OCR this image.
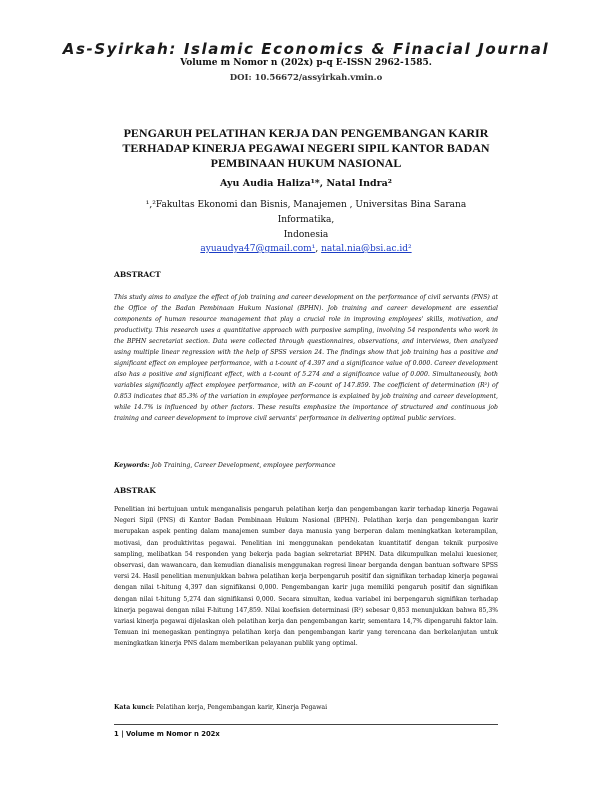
As-Syirkah: Islamic Economics & Finacial Journal
Volume m Nomor n (202x) p-q E-ISSN 2962-1585.
DOI: 10.56672/assyirkah.vmin.o
PENGARUH PELATIHAN KERJA DAN PENGEMBANGAN KARIR
TERHADAP KINERJA PEGAWAI NEGERI SIPIL KANTOR BADAN
PEMBINAAN HUKUM NASIONAL
Ayu Audia Haliza¹*, Natal Indra²
¹,²Fakultas Ekonomi dan Bisnis, Manajemen , Universitas Bina Sarana Informatika,
Indonesia
ayuaudya47@gmail.com¹, natal.nia@bsi.ac.id²
ABSTRACT
This study aims to analyze the effect of job training and career development on the performance of civil servants (PNS) at the Office of the Badan Pembinaan Hukum Nasional (BPHN). Job training and career development are essential components of human resource management that play a crucial role in improving employees' skills, motivation, and productivity. This research uses a quantitative approach with purposive sampling, involving 54 respondents who work in the BPHN secretariat section. Data were collected through questionnaires, observations, and interviews, then analyzed using multiple linear regression with the help of SPSS version 24. The findings show that job training has a positive and significant effect on employee performance, with a t-count of 4.397 and a significance value of 0.000. Career development also has a positive and significant effect, with a t-count of 5.274 and a significance value of 0.000. Simultaneously, both variables significantly affect employee performance, with an F-count of 147.859. The coefficient of determination (R²) of 0.853 indicates that 85.3% of the variation in employee performance is explained by job training and career development, while 14.7% is influenced by other factors. These results emphasize the importance of structured and continuous job training and career development to improve civil servants' performance in delivering optimal public services.
Keywords: Job Training, Career Development, employee performance
ABSTRAK
Penelitian ini bertujuan untuk menganalisis pengaruh pelatihan kerja dan pengembangan karir terhadap kinerja Pegawai Negeri Sipil (PNS) di Kantor Badan Pembinaan Hukum Nasional (BPHN). Pelatihan kerja dan pengembangan karir merupakan aspek penting dalam manajemen sumber daya manusia yang berperan dalam meningkatkan keterampilan, motivasi, dan produktivitas pegawai. Penelitian ini menggunakan pendekatan kuantitatif dengan teknik purposive sampling, melibatkan 54 responden yang bekerja pada bagian sekretariat BPHN. Data dikumpulkan melalui kuesioner, observasi, dan wawancara, dan kemudian dianalisis menggunakan regresi linear berganda dengan bantuan software SPSS versi 24. Hasil penelitian menunjukkan bahwa pelatihan kerja berpengaruh positif dan signifikan terhadap kinerja pegawai dengan nilai t-hitung 4,397 dan signifikansi 0,000. Pengembangan karir juga memiliki pengaruh positif dan signifikan dengan nilai t-hitung 5,274 dan signifikansi 0,000. Secara simultan, kedua variabel ini berpengaruh signifikan terhadap kinerja pegawai dengan nilai F-hitung 147,859. Nilai koefisien determinasi (R²) sebesar 0,853 menunjukkan bahwa 85,3% variasi kinerja pegawai dijelaskan oleh pelatihan kerja dan pengembangan karir, sementara 14,7% dipengaruhi faktor lain. Temuan ini menegaskan pentingnya pelatihan kerja dan pengembangan karir yang terencana dan berkelanjutan untuk meningkatkan kinerja PNS dalam memberikan pelayanan publik yang optimal.
Kata kunci: Pelatihan kerja, Pengembangan karir, Kinerja Pegawai
1 | Volume m Nomor n 202x
